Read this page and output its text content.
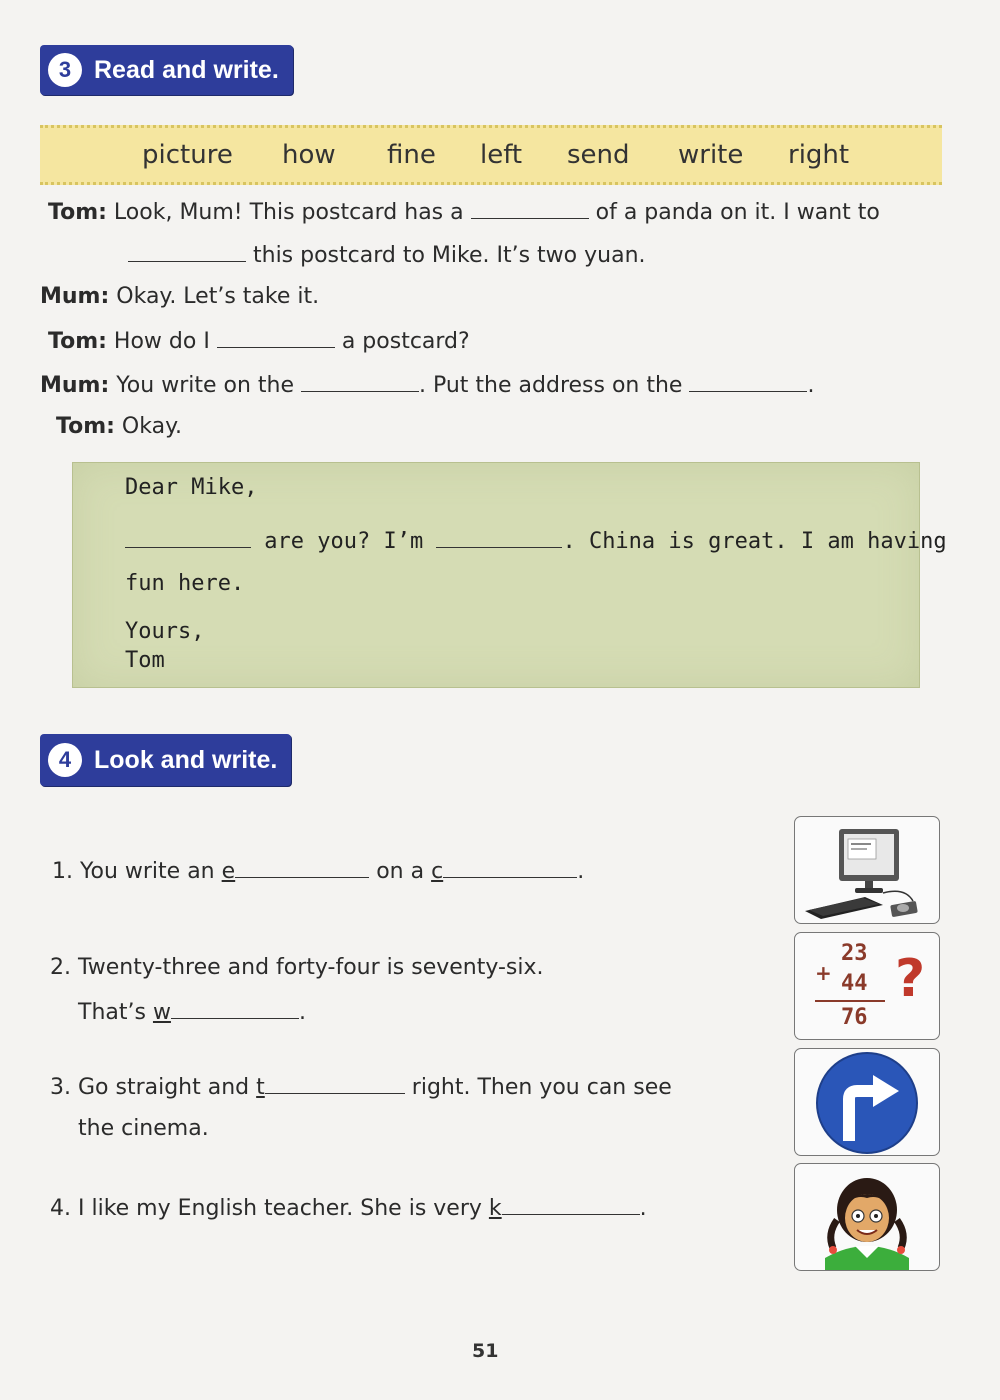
3 Read and write.
picture how fine left send write right
Tom: Look, Mum! This postcard has a	of a panda on it. I want to
this postcard to Mike. It’s two yuan.
Mum: Okay. Let’s take it.
Tom: How do I	a postcard?
Mum: You write on the	. Put the address on the	.
Tom: Okay.
Dear Mike,
are you? I’m	. China is great. I am having
fun here.
Yours,
Tom
4 Look and write.
1. You write an e	on a c	.
2. Twenty-three and forty-four is seventy-six.
That’s w	.
3. Go straight and t	right. Then you can see
the cinema.
4. I like my English teacher. She is very k	.
23
+ 44
76
?
51
